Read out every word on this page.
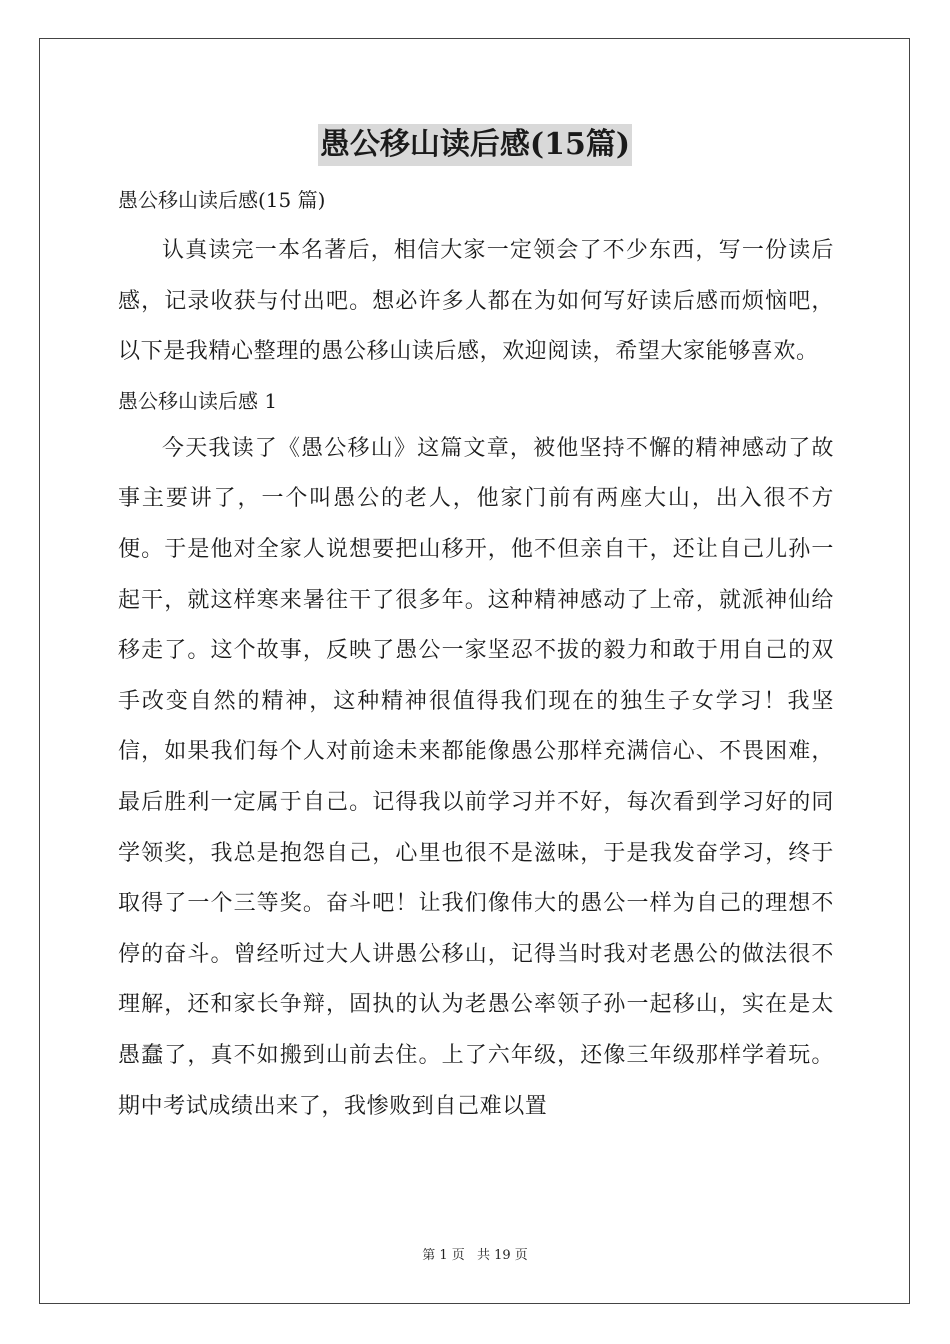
愚公移山读后感(15篇)

愚公移山读后感(15 篇)

认真读完一本名著后，相信大家一定领会了不少东西，写一份读后感，记录收获与付出吧。想必许多人都在为如何写好读后感而烦恼吧，以下是我精心整理的愚公移山读后感，欢迎阅读，希望大家能够喜欢。

愚公移山读后感 1

今天我读了《愚公移山》这篇文章，被他坚持不懈的精神感动了故事主要讲了，一个叫愚公的老人，他家门前有两座大山，出入很不方便。于是他对全家人说想要把山移开，他不但亲自干，还让自己儿孙一起干，就这样寒来暑往干了很多年。这种精神感动了上帝，就派神仙给移走了。这个故事，反映了愚公一家坚忍不拔的毅力和敢于用自己的双手改变自然的精神，这种精神很值得我们现在的独生子女学习！我坚信，如果我们每个人对前途未来都能像愚公那样充满信心、不畏困难，最后胜利一定属于自己。记得我以前学习并不好，每次看到学习好的同学领奖，我总是抱怨自己，心里也很不是滋味，于是我发奋学习，终于取得了一个三等奖。奋斗吧！让我们像伟大的愚公一样为自己的理想不停的奋斗。曾经听过大人讲愚公移山，记得当时我对老愚公的做法很不理解，还和家长争辩，固执的认为老愚公率领子孙一起移山，实在是太愚蠢了，真不如搬到山前去住。上了六年级，还像三年级那样学着玩。期中考试成绩出来了，我惨败到自己难以置

第 1 页 共 19 页
